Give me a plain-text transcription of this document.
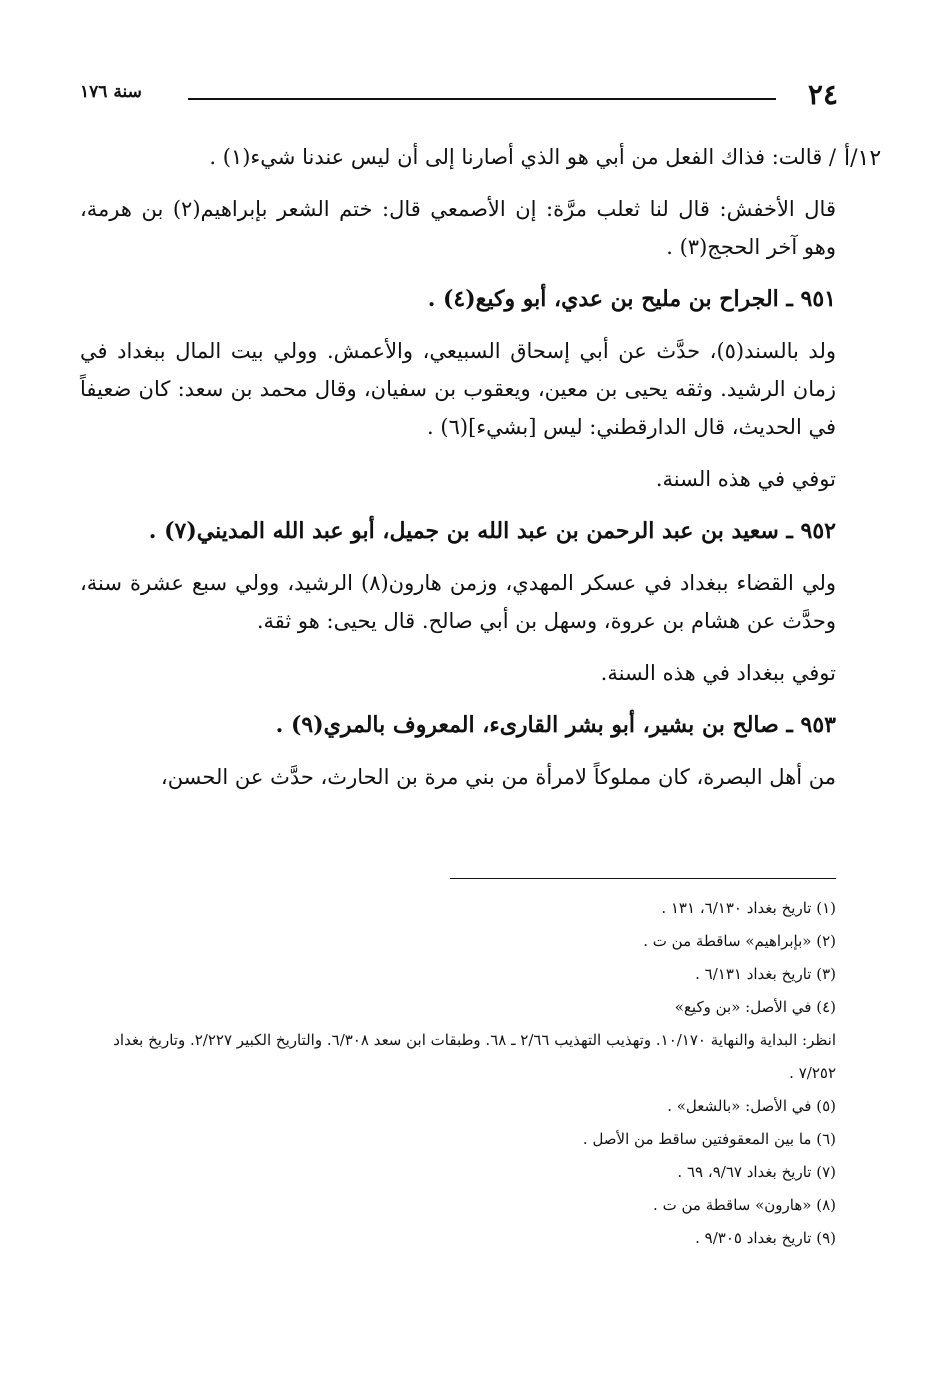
٢٤
سنة ١٧٦
١٢/أ

/ قالت: فذاك الفعل من أبي هو الذي أصارنا إلى أن ليس عندنا شيء(١) .

قال الأخفش: قال لنا ثعلب مرَّة: إن الأصمعي قال: ختم الشعر بإبراهيم(٢) بن هرمة، وهو آخر الحجج(٣) .

٩٥١ ـ الجراح بن مليح بن عدي، أبو وكيع(٤) .

ولد بالسند(٥)، حدَّث عن أبي إسحاق السبيعي، والأعمش. وولي بيت المال ببغداد في زمان الرشيد. وثقه يحيى بن معين، ويعقوب بن سفيان، وقال محمد بن سعد: كان ضعيفاً في الحديث، قال الدارقطني: ليس [بشيء](٦) .

توفي في هذه السنة.

٩٥٢ ـ سعيد بن عبد الرحمن بن عبد الله بن جميل، أبو عبد الله المديني(٧) .

ولي القضاء ببغداد في عسكر المهدي، وزمن هارون(٨) الرشيد، وولي سبع عشرة سنة، وحدَّث عن هشام بن عروة، وسهل بن أبي صالح. قال يحيى: هو ثقة.

توفي ببغداد في هذه السنة.

٩٥٣ ـ صالح بن بشير، أبو بشر القارىء، المعروف بالمري(٩) .

من أهل البصرة، كان مملوكاً لامرأة من بني مرة بن الحارث، حدَّث عن الحسن،

(١) تاريخ بغداد ٦/١٣٠، ١٣١ .
(٢) «بإبراهيم» ساقطة من ت .
(٣) تاريخ بغداد ٦/١٣١ .
(٤) في الأصل: «بن وكيع»
انظر: البداية والنهاية ١٠/١٧٠. وتهذيب التهذيب ٢/٦٦ ـ ٦٨. وطبقات ابن سعد ٦/٣٠٨. والتاريخ الكبير ٢/٢٢٧. وتاريخ بغداد ٧/٢٥٢ .
(٥) في الأصل: «بالشعل» .
(٦) ما بين المعقوفتين ساقط من الأصل .
(٧) تاريخ بغداد ٩/٦٧، ٦٩ .
(٨) «هارون» ساقطة من ت .
(٩) تاريخ بغداد ٩/٣٠٥ .
